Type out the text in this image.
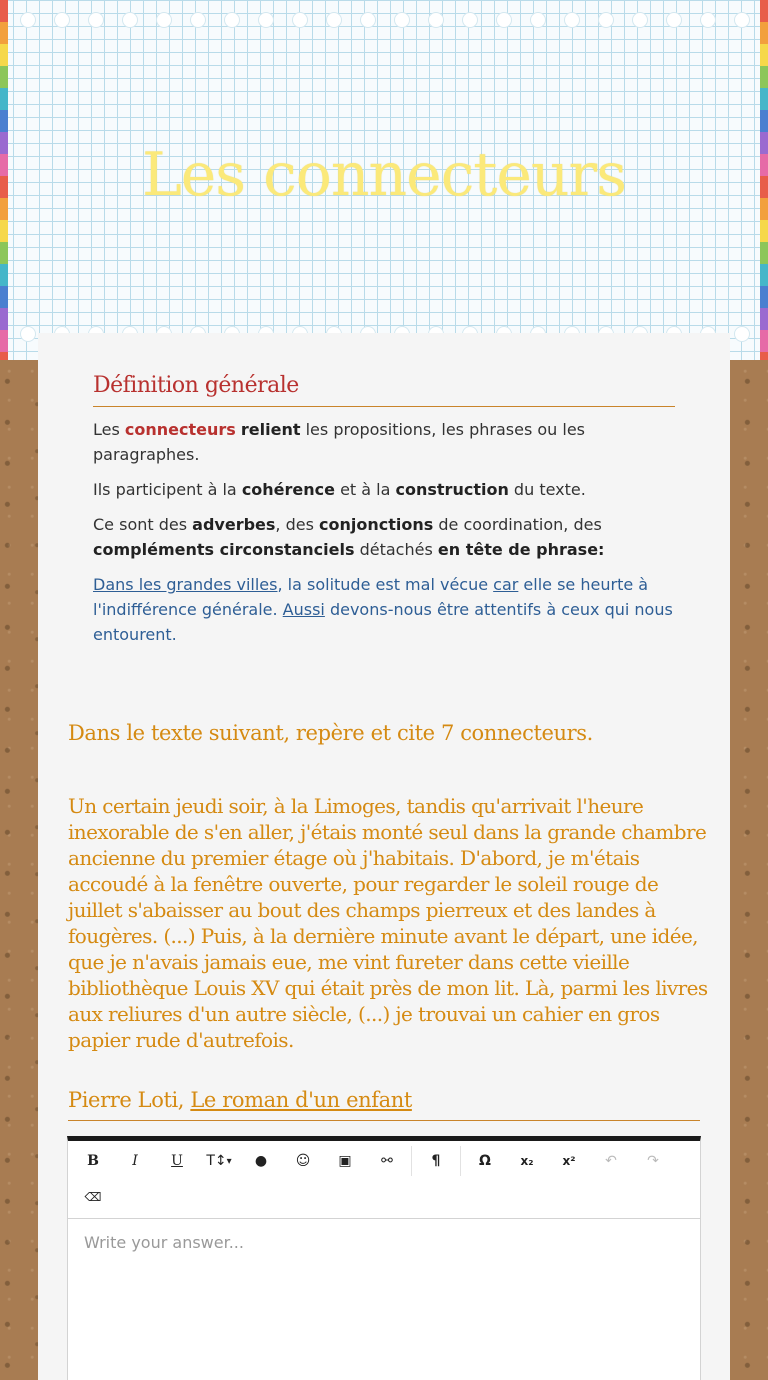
Les connecteurs
Définition générale

Les connecteurs relient les propositions, les phrases ou les paragraphes.

Ils participent à la cohérence et à la construction du texte.

Ce sont des adverbes, des conjonctions de coordination, des compléments circonstanciels détachés en tête de phrase:

Dans les grandes villes, la solitude est mal vécue car elle se heurte à l'indifférence générale. Aussi devons-nous être attentifs à ceux qui nous entourent.

Dans le texte suivant, repère et cite 7 connecteurs.
Un certain jeudi soir, à la Limoges, tandis qu'arrivait l'heure inexorable de s'en aller, j'étais monté seul dans la grande chambre ancienne du premier étage où j'habitais. D'abord, je m'étais accoudé à la fenêtre ouverte, pour regarder le soleil rouge de juillet s'abaisser au bout des champs pierreux et des landes à fougères. (...) Puis, à la dernière minute avant le départ, une idée, que je n'avais jamais eue, me vint fureter dans cette vieille bibliothèque Louis XV qui était près de mon lit. Là, parmi les livres aux reliures d'un autre siècle, (...) je trouvai un cahier en gros papier rude d'autrefois.
Pierre Loti, Le roman d'un enfant
B	I	U	T↕ ▾	●	☺	▣	⚯	¶	Ω	x₂	x²	↶	↷
⌫
Write your answer...
